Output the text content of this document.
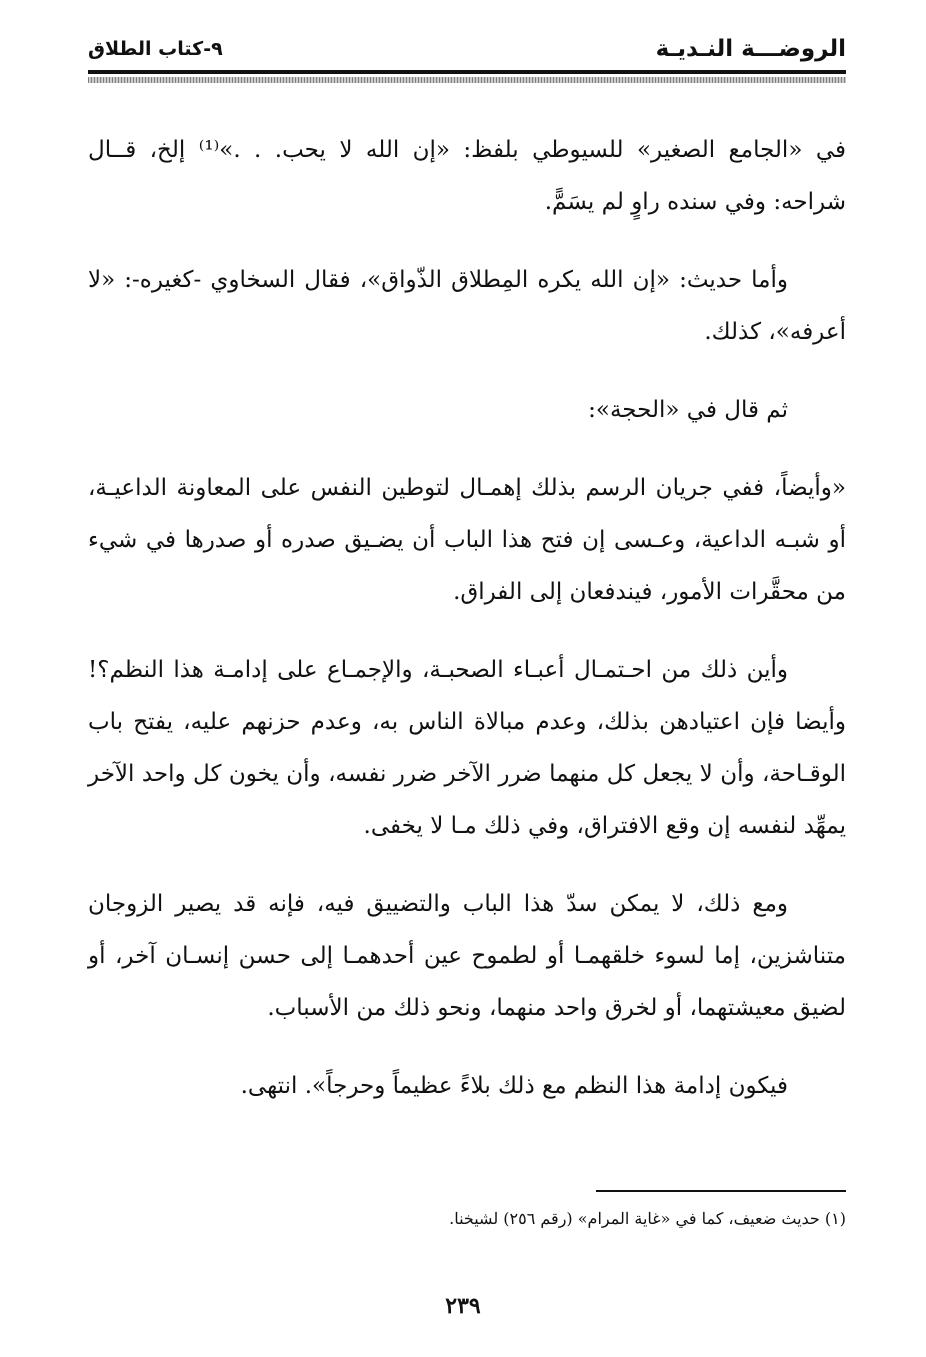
الروضـــة النـديـة
٩-كتاب الطلاق

في «الجامع الصغير» للسيوطي بلفظ: «إن الله لا يحب. . .»⁽¹⁾ إلخ، قــال شراحه: وفي سنده راوٍ لم يسَمًّ.

وأما حديث: «إن الله يكره المِطلاق الذّواق»، فقال السخاوي -كغيره-: «لا أعرفه»، كذلك.

ثم قال في «الحجة»:

«وأيضاً، ففي جريان الرسم بذلك إهمـال لتوطين النفس على المعاونة الداعيـة، أو شبـه الداعية، وعـسى إن فتح هذا الباب أن يضـيق صدره أو صدرها في شيء من محقَّرات الأمور، فيندفعان إلى الفراق.

وأين ذلك من احـتمـال أعبـاء الصحبـة، والإجمـاع على إدامـة هذا النظم؟! وأيضا فإن اعتيادهن بذلك، وعدم مبالاة الناس به، وعدم حزنهم عليه، يفتح باب الوقـاحة، وأن لا يجعل كل منهما ضرر الآخر ضرر نفسه، وأن يخون كل واحد الآخر يمهِّد لنفسه إن وقع الافتراق، وفي ذلك مـا لا يخفى.

ومع ذلك، لا يمكن سدّ هذا الباب والتضييق فيه، فإنه قد يصير الزوجان متناشزين، إما لسوء خلقهمـا أو لطموح عين أحدهمـا إلى حسن إنسـان آخر، أو لضيق معيشتهما، أو لخرق واحد منهما، ونحو ذلك من الأسباب.

فيكون إدامة هذا النظم مع ذلك بلاءً عظيماً وحرجاً». انتهى.

(١) حديث ضعيف، كما في «غاية المرام» (رقم ٢٥٦) لشيخنا.
٢٣٩
